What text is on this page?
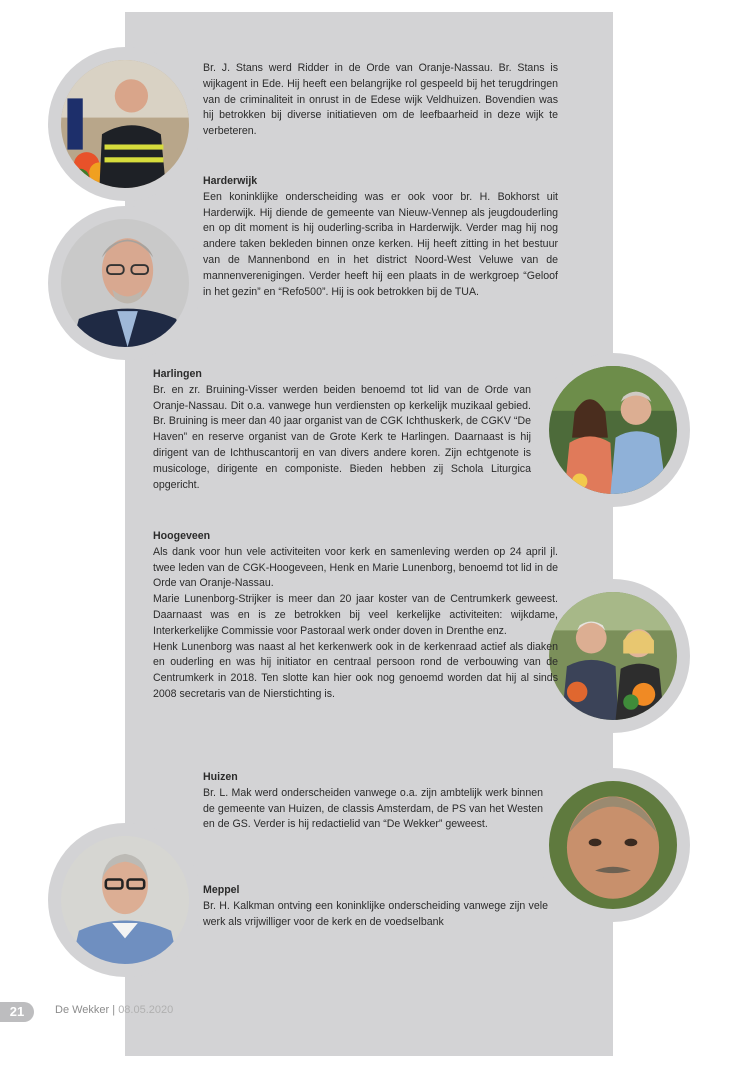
Br. J. Stans werd Ridder in de Orde van Oranje-Nassau. Br. Stans is wijkagent in Ede. Hij heeft een belangrijke rol gespeeld bij het terugdringen van de criminaliteit in onrust in de Edese wijk Veldhuizen. Bovendien was hij betrokken bij diverse initiatieven om de leefbaarheid in deze wijk te verbeteren.

Harderwijk

Een koninklijke onderscheiding was er ook voor br. H. Bokhorst uit Harderwijk. Hij diende de gemeente van Nieuw-Vennep als jeugdouderling en op dit moment is hij ouderling-scriba in Harderwijk. Verder mag hij nog andere taken bekleden binnen onze kerken. Hij heeft zitting in het bestuur van de Mannenbond en in het district Noord-West Veluwe van de mannenverenigingen. Verder heeft hij een plaats in de werkgroep “Geloof in het gezin” en “Refo500”. Hij is ook betrokken bij de TUA.

Harlingen

Br. en zr. Bruining-Visser werden beiden benoemd tot lid van de Orde van Oranje-Nassau. Dit o.a. vanwege hun verdiensten op kerkelijk muzikaal gebied. Br. Bruining is meer dan 40 jaar organist van de CGK Ichthuskerk, de CGKV “De Haven” en reserve organist van de Grote Kerk te Harlingen. Daarnaast is hij dirigent van de Ichthuscantorij en van divers andere koren. Zijn echtgenote is musicologe, dirigente en componiste. Bieden hebben zij Schola Liturgica opgericht.

Hoogeveen

Als dank voor hun vele activiteiten voor kerk en samenleving werden op 24 april jl. twee leden van de CGK-Hoogeveen, Henk en Marie Lunenborg, benoemd tot lid in de Orde van Oranje-Nassau.

Marie Lunenborg-Strijker is meer dan 20 jaar koster van de Centrumkerk geweest. Daarnaast was en is ze betrokken bij veel kerkelijke activiteiten: wijkdame, Interkerkelijke Commissie voor Pastoraal werk onder doven in Drenthe enz.

Henk Lunenborg was naast al het kerkenwerk ook in de kerkenraad actief als diaken en ouderling en was hij initiator en centraal persoon rond de verbouwing van de Centrumkerk in 2018. Ten slotte kan hier ook nog genoemd worden dat hij al sinds 2008 secretaris van de Nierstichting is.

Huizen

Br. L. Mak werd onderscheiden vanwege o.a. zijn ambtelijk werk binnen de gemeente van Huizen, de classis Amsterdam, de PS van het Westen en de GS. Verder is hij redactielid van “De Wekker” geweest.

Meppel

Br. H. Kalkman ontving een koninklijke onderscheiding vanwege zijn vele werk als vrijwilliger voor de kerk en de voedselbank

21	De Wekker | 08.05.2020
